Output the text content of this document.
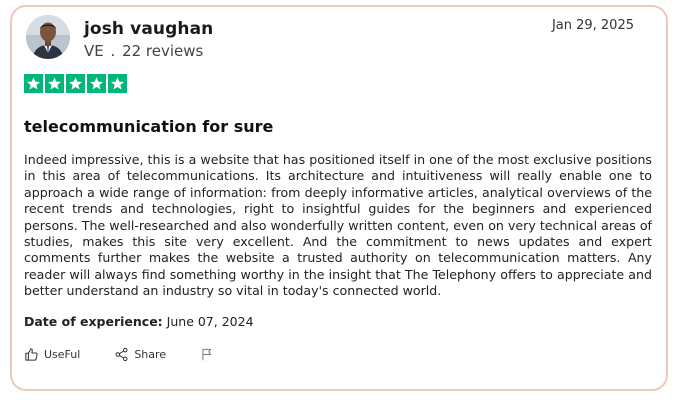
josh vaughan
VE . 22 reviews
Jan 29, 2025
telecommunication for sure
Indeed impressive, this is a website that has positioned itself in one of the most exclusive positions in this area of telecommunications. Its architecture and intuitiveness will really enable one to approach a wide range of information: from deeply informative articles, analytical overviews of the recent trends and technologies, right to insightful guides for the beginners and experienced persons. The well-researched and also wonderfully written content, even on very technical areas of studies, makes this site very excellent. And the commitment to news updates and expert comments further makes the website a trusted authority on telecommunication matters. Any reader will always find something worthy in the insight that The Telephony offers to appreciate and better understand an industry so vital in today's connected world.
Date of experience: June 07, 2024
UseFul	Share
